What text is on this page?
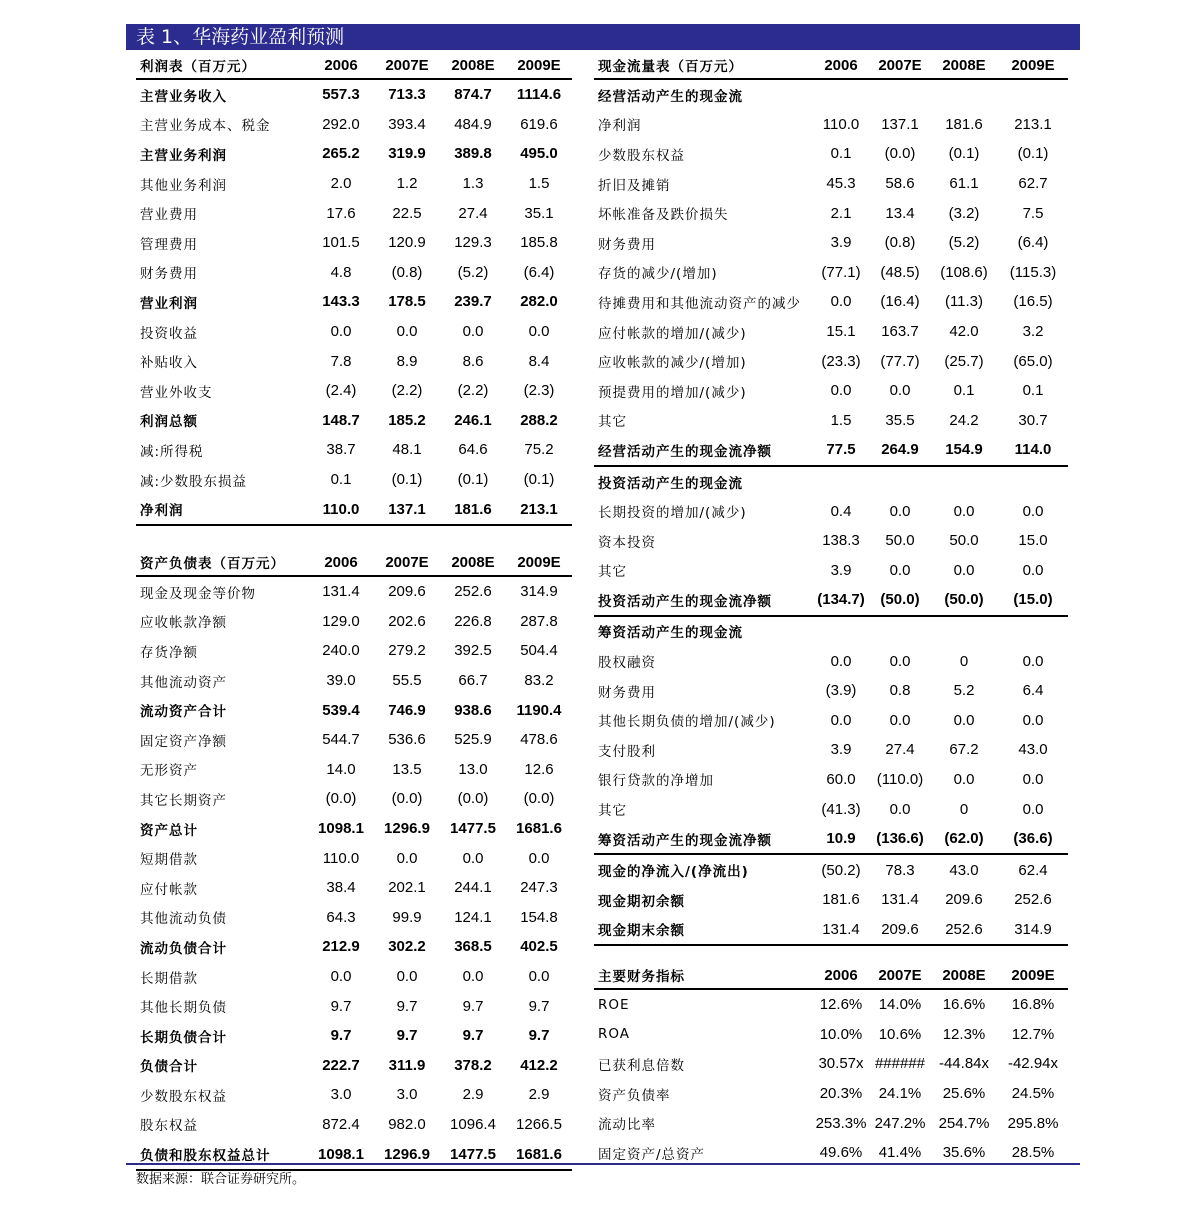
表 1、华海药业盈利预测
利润表（百万元）	2006	2007E	2008E	2009E
主营业务收入	557.3	713.3	874.7	1114.6
主营业务成本、税金	292.0	393.4	484.9	619.6
主营业务利润	265.2	319.9	389.8	495.0
其他业务利润	2.0	1.2	1.3	1.5
营业费用	17.6	22.5	27.4	35.1
管理费用	101.5	120.9	129.3	185.8
财务费用	4.8	(0.8)	(5.2)	(6.4)
营业利润	143.3	178.5	239.7	282.0
投资收益	0.0	0.0	0.0	0.0
补贴收入	7.8	8.9	8.6	8.4
营业外收支	(2.4)	(2.2)	(2.2)	(2.3)
利润总额	148.7	185.2	246.1	288.2
减:所得税	38.7	48.1	64.6	75.2
减:少数股东损益	0.1	(0.1)	(0.1)	(0.1)
净利润	110.0	137.1	181.6	213.1
资产负债表（百万元）	2006	2007E	2008E	2009E
现金及现金等价物	131.4	209.6	252.6	314.9
应收帐款净额	129.0	202.6	226.8	287.8
存货净额	240.0	279.2	392.5	504.4
其他流动资产	39.0	55.5	66.7	83.2
流动资产合计	539.4	746.9	938.6	1190.4
固定资产净额	544.7	536.6	525.9	478.6
无形资产	14.0	13.5	13.0	12.6
其它长期资产	(0.0)	(0.0)	(0.0)	(0.0)
资产总计	1098.1	1296.9	1477.5	1681.6
短期借款	110.0	0.0	0.0	0.0
应付帐款	38.4	202.1	244.1	247.3
其他流动负债	64.3	99.9	124.1	154.8
流动负债合计	212.9	302.2	368.5	402.5
长期借款	0.0	0.0	0.0	0.0
其他长期负债	9.7	9.7	9.7	9.7
长期负债合计	9.7	9.7	9.7	9.7
负债合计	222.7	311.9	378.2	412.2
少数股东权益	3.0	3.0	2.9	2.9
股东权益	872.4	982.0	1096.4	1266.5
负债和股东权益总计	1098.1	1296.9	1477.5	1681.6
现金流量表（百万元）	2006	2007E	2008E	2009E
经营活动产生的现金流				
净利润	110.0	137.1	181.6	213.1
少数股东权益	0.1	(0.0)	(0.1)	(0.1)
折旧及摊销	45.3	58.6	61.1	62.7
坏帐准备及跌价损失	2.1	13.4	(3.2)	7.5
财务费用	3.9	(0.8)	(5.2)	(6.4)
存货的减少/(增加)	(77.1)	(48.5)	(108.6)	(115.3)
待摊费用和其他流动资产的减少	0.0	(16.4)	(11.3)	(16.5)
应付帐款的增加/(减少)	15.1	163.7	42.0	3.2
应收帐款的减少/(增加)	(23.3)	(77.7)	(25.7)	(65.0)
预提费用的增加/(减少)	0.0	0.0	0.1	0.1
其它	1.5	35.5	24.2	30.7
经营活动产生的现金流净额	77.5	264.9	154.9	114.0
投资活动产生的现金流				
长期投资的增加/(减少)	0.4	0.0	0.0	0.0
资本投资	138.3	50.0	50.0	15.0
其它	3.9	0.0	0.0	0.0
投资活动产生的现金流净额	(134.7)	(50.0)	(50.0)	(15.0)
筹资活动产生的现金流				
股权融资	0.0	0.0	0	0.0
财务费用	(3.9)	0.8	5.2	6.4
其他长期负债的增加/(减少)	0.0	0.0	0.0	0.0
支付股利	3.9	27.4	67.2	43.0
银行贷款的净增加	60.0	(110.0)	0.0	0.0
其它	(41.3)	0.0	0	0.0
筹资活动产生的现金流净额	10.9	(136.6)	(62.0)	(36.6)
现金的净流入/(净流出)	(50.2)	78.3	43.0	62.4
现金期初余额	181.6	131.4	209.6	252.6
现金期末余额	131.4	209.6	252.6	314.9
主要财务指标	2006	2007E	2008E	2009E
ROE	12.6%	14.0%	16.6%	16.8%
ROA	10.0%	10.6%	12.3%	12.7%
已获利息倍数	30.57x	######	-44.84x	-42.94x
资产负债率	20.3%	24.1%	25.6%	24.5%
流动比率	253.3%	247.2%	254.7%	295.8%
固定资产/总资产	49.6%	41.4%	35.6%	28.5%
数据来源：联合证券研究所。
